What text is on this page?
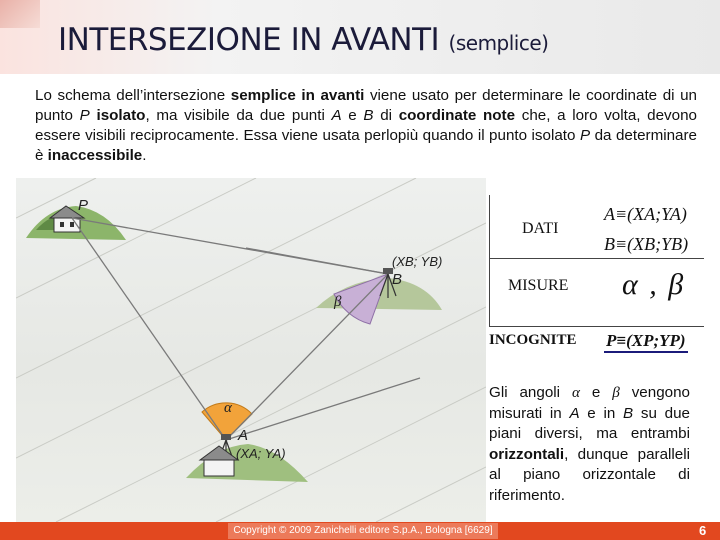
INTERSEZIONE IN AVANTI (semplice)

Lo schema dell’intersezione semplice in avanti viene usato per determinare le coordinate di un punto P isolato, ma visibile da due punti A e B di coordinate note che, a loro volta, devono essere visibili reciprocamente. Essa viene usata perlopiù quando il punto isolato P da determinare è inaccessibile.

P
(XB; YB)
B
β
α
A
(XA; YA)
DATI
A≡(XA;YA)
B≡(XB;YB)
MISURE α , β
INCOGNITE P≡(XP;YP)

Gli angoli α e β vengono misurati in A e in B su due piani diversi, ma entrambi orizzontali, dunque paralleli al piano orizzontale di riferimento.

Copyright © 2009 Zanichelli editore S.p.A., Bologna [6629]	6
